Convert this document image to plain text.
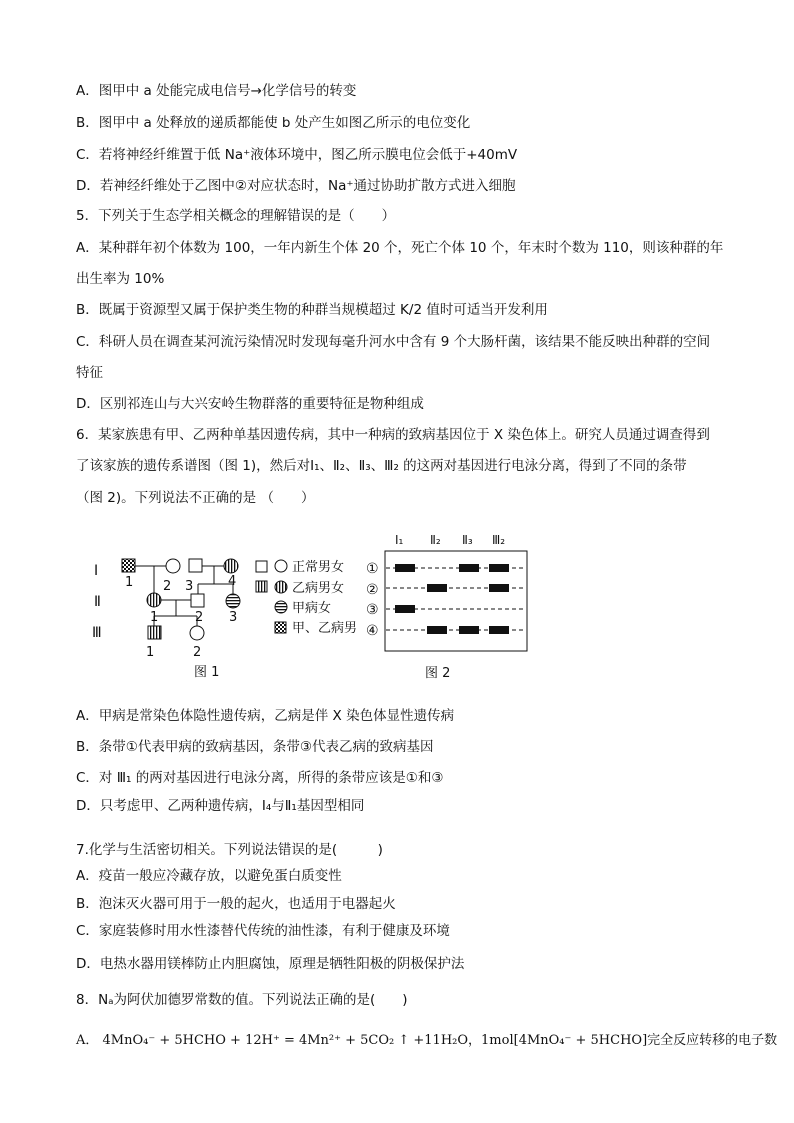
A．图甲中 a 处能完成电信号→化学信号的转变
B．图甲中 a 处释放的递质都能使 b 处产生如图乙所示的电位变化
C．若将神经纤维置于低 Na⁺液体环境中，图乙所示膜电位会低于+40mV
D．若神经纤维处于乙图中②对应状态时，Na⁺通过协助扩散方式进入细胞
5．下列关于生态学相关概念的理解错误的是（　　）
A．某种群年初个体数为 100，一年内新生个体 20 个，死亡个体 10 个，年末时个数为 110，则该种群的年
出生率为 10%
B．既属于资源型又属于保护类生物的种群当规模超过 K/2 值时可适当开发利用
C．科研人员在调查某河流污染情况时发现每毫升河水中含有 9 个大肠杆菌，该结果不能反映出种群的空间
特征
D．区别祁连山与大兴安岭生物群落的重要特征是物种组成
6．某家族患有甲、乙两种单基因遗传病，其中一种病的致病基因位于 X 染色体上。研究人员通过调查得到
了该家族的遗传系谱图（图 1)，然后对Ⅰ₁、Ⅱ₂、Ⅱ₃、Ⅲ₂ 的这两对基因进行电泳分离，得到了不同的条带
（图 2)。下列说法不正确的是 （　　）
Ⅰ
Ⅱ
Ⅲ
1 2 3	4
1	2 3
1	2
正常男女
乙病男女
甲病女
甲、乙病男
图 1
Ⅰ₁ Ⅱ₂ Ⅱ₃ Ⅲ₂
①
②
③
④
图 2
A．甲病是常染色体隐性遗传病，乙病是伴 X 染色体显性遗传病
B．条带①代表甲病的致病基因，条带③代表乙病的致病基因
C．对 Ⅲ₁ 的两对基因进行电泳分离，所得的条带应该是①和③
D．只考虑甲、乙两种遗传病，Ⅰ₄与Ⅱ₁基因型相同
7.化学与生活密切相关。下列说法错误的是(　　　)
A．疫苗一般应冷藏存放，以避免蛋白质变性
B．泡沫灭火器可用于一般的起火，也适用于电器起火
C．家庭装修时用水性漆替代传统的油性漆，有利于健康及环境
D．电热水器用镁棒防止内胆腐蚀，原理是牺牲阳极的阴极保护法
8．Nₐ为阿伏加德罗常数的值。下列说法正确的是(　　)
A． 4MnO₄⁻ + 5HCHO + 12H⁺ = 4Mn²⁺ + 5CO₂ ↑ +11H₂O，1mol[4MnO₄⁻ + 5HCHO]完全反应转移的电子数
